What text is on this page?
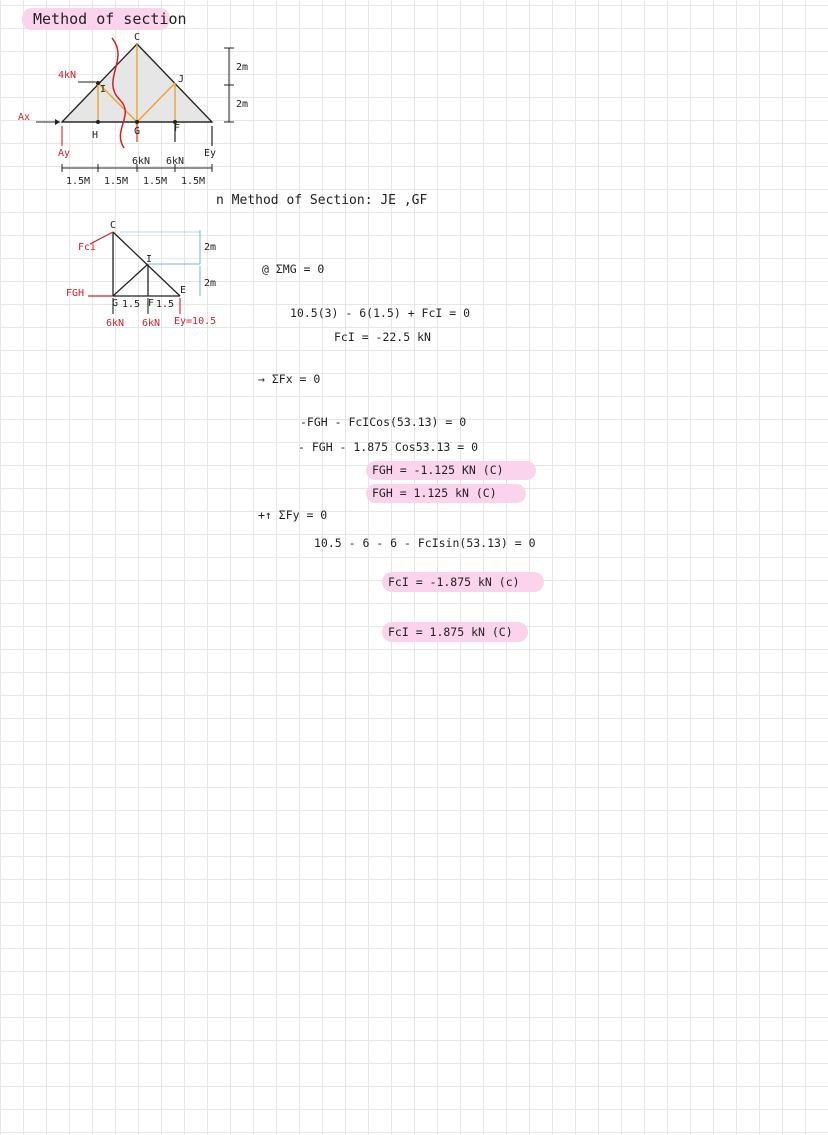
Method of section
C
I
J
H	G	F
4kN
Ax
Ay	Ey
6kN 6kN
1.5M 1.5M 1.5M 1.5M
2m
2m
C
I
G	F
E
Fci
FGH
1.5 1.5
6kN 6kN Ey=10.5
2m
2m
n Method of Section: JE ,GF
@ ΣMG = 0
10.5(3) - 6(1.5) + FcI = 0
FcI = -22.5 kN
→ ΣFx = 0
-FGH - FcICos(53.13) = 0
- FGH - 1.875 Cos53.13 = 0
FGH = -1.125 KN (C)
FGH = 1.125 kN (C)
+↑ ΣFy = 0
10.5 - 6 - 6 - FcIsin(53.13) = 0
FcI = -1.875 kN (c)
FcI = 1.875 kN (C)
